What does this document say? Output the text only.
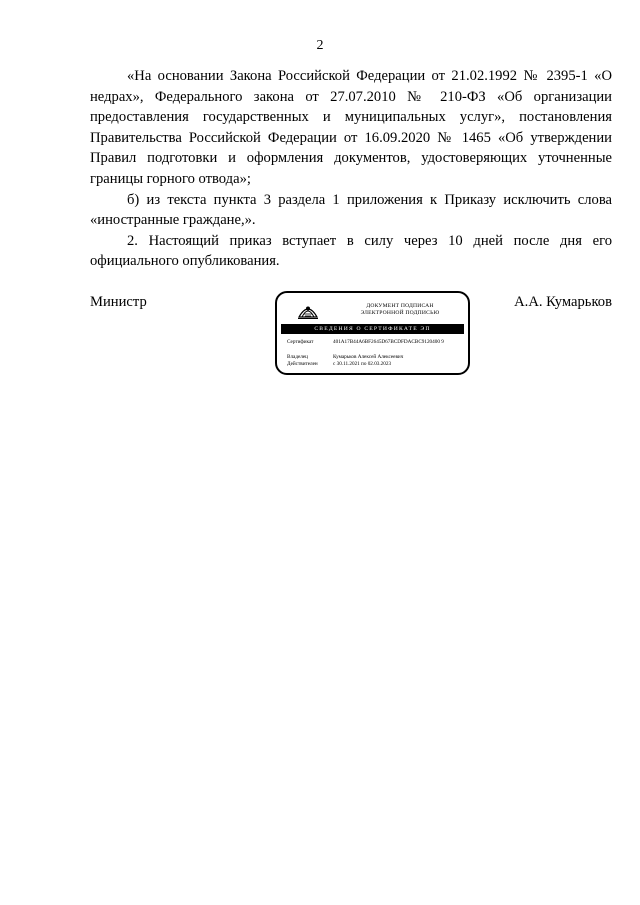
2

«На основании Закона Российской Федерации от 21.02.1992 № 2395-1 «О недрах», Федерального закона от 27.07.2010 № 210-ФЗ «Об организации предоставления государственных и муниципальных услуг», постановления Правительства Российской Федерации от 16.09.2020 № 1465 «Об утверждении Правил подготовки и оформления документов, удостоверяющих уточненные границы горного отвода»;

б) из текста пункта 3 раздела 1 приложения к Приказу исключить слова «иностранные граждане,».

2. Настоящий приказ вступает в силу через 10 дней после дня его официального опубликования.

Министр	А.А. Кумарьков
ДОКУМЕНТ ПОДПИСАН
ЭЛЕКТРОННОЙ ПОДПИСЬЮ
СВЕДЕНИЯ О СЕРТИФИКАТЕ ЭП
Сертификат	401A17B44A6BF2645D67BCDFDACBC9120400 9
Владелец	Кумарьков Алексей Алексеевич
Действителен	с 30.11.2021 по 02.03.2023
